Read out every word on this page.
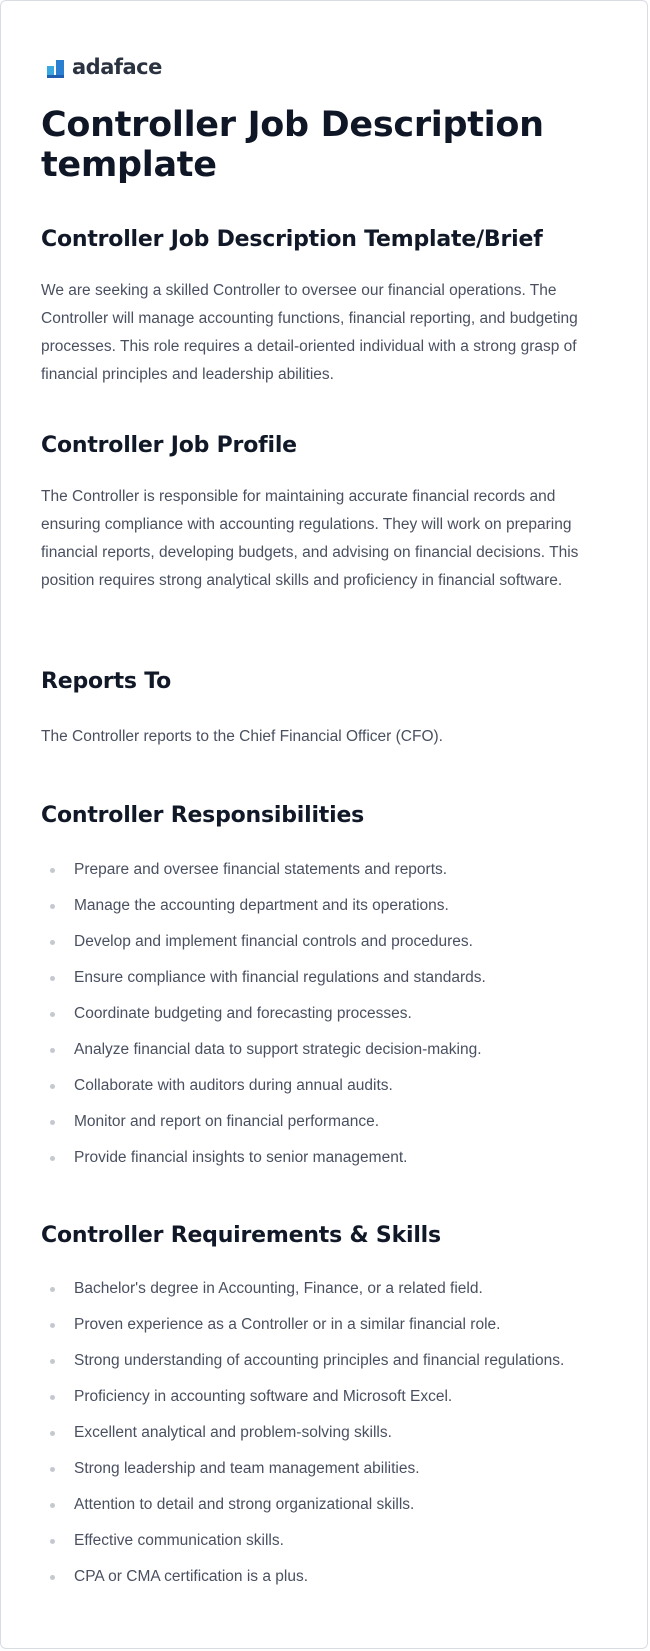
adaface
Controller Job Description template
Controller Job Description Template/Brief

We are seeking a skilled Controller to oversee our financial operations. The Controller will manage accounting functions, financial reporting, and budgeting processes. This role requires a detail-oriented individual with a strong grasp of financial principles and leadership abilities.

Controller Job Profile

The Controller is responsible for maintaining accurate financial records and ensuring compliance with accounting regulations. They will work on preparing financial reports, developing budgets, and advising on financial decisions. This position requires strong analytical skills and proficiency in financial software.

Reports To

The Controller reports to the Chief Financial Officer (CFO).

Controller Responsibilities
Prepare and oversee financial statements and reports.
Manage the accounting department and its operations.
Develop and implement financial controls and procedures.
Ensure compliance with financial regulations and standards.
Coordinate budgeting and forecasting processes.
Analyze financial data to support strategic decision-making.
Collaborate with auditors during annual audits.
Monitor and report on financial performance.
Provide financial insights to senior management.
Controller Requirements & Skills
Bachelor's degree in Accounting, Finance, or a related field.
Proven experience as a Controller or in a similar financial role.
Strong understanding of accounting principles and financial regulations.
Proficiency in accounting software and Microsoft Excel.
Excellent analytical and problem-solving skills.
Strong leadership and team management abilities.
Attention to detail and strong organizational skills.
Effective communication skills.
CPA or CMA certification is a plus.
